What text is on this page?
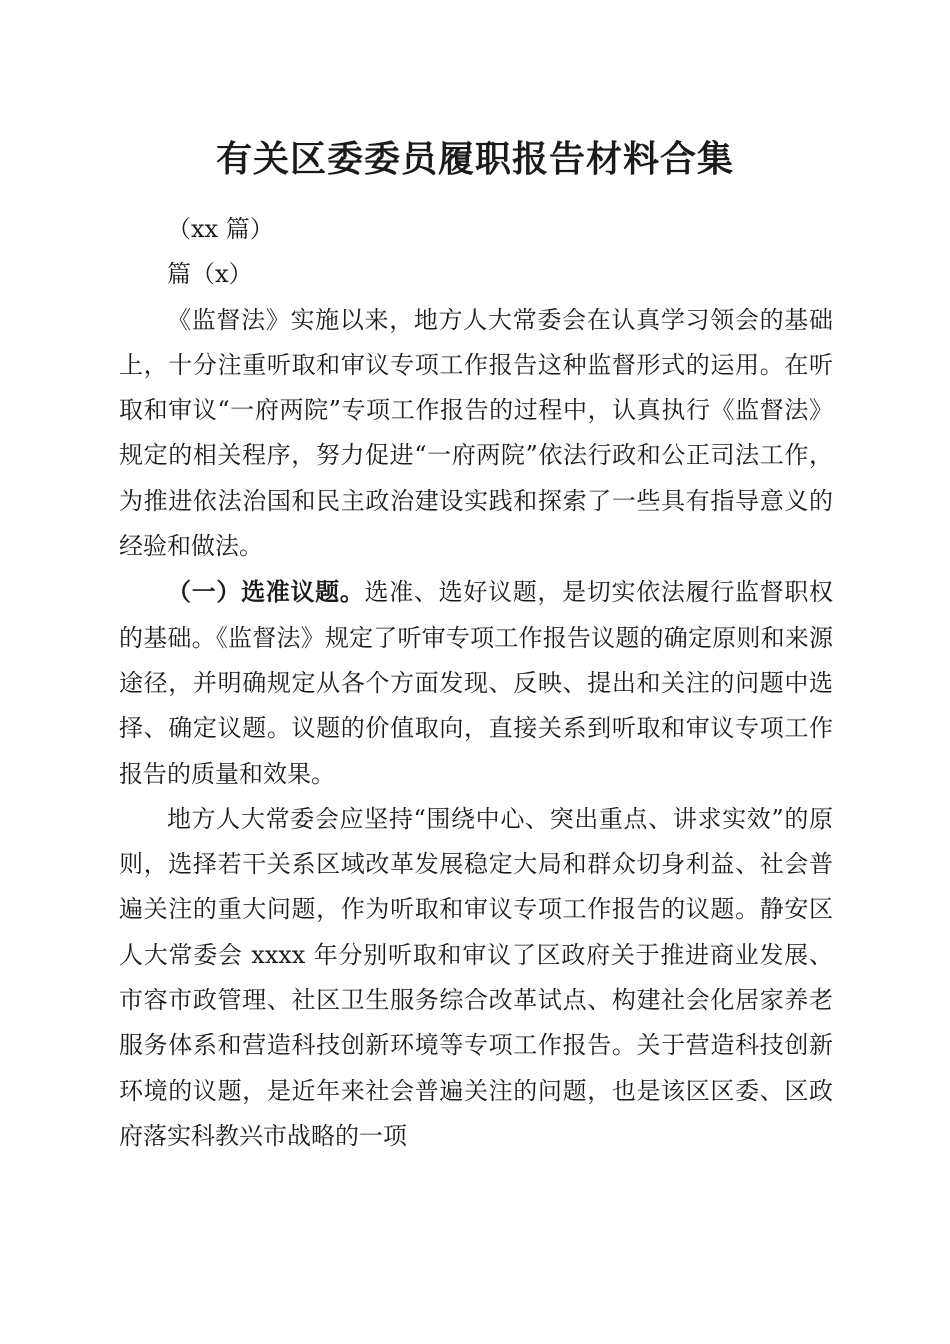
有关区委委员履职报告材料合集

（xx 篇）

篇（x）

《监督法》实施以来，地方人大常委会在认真学习领会的基础上，十分注重听取和审议专项工作报告这种监督形式的运用。在听取和审议“一府两院”专项工作报告的过程中，认真执行《监督法》规定的相关程序，努力促进“一府两院”依法行政和公正司法工作，为推进依法治国和民主政治建设实践和探索了一些具有指导意义的经验和做法。

（一）选准议题。选准、选好议题，是切实依法履行监督职权的基础。《监督法》规定了听审专项工作报告议题的确定原则和来源途径，并明确规定从各个方面发现、反映、提出和关注的问题中选择、确定议题。议题的价值取向，直接关系到听取和审议专项工作报告的质量和效果。

地方人大常委会应坚持“围绕中心、突出重点、讲求实效”的原则，选择若干关系区域改革发展稳定大局和群众切身利益、社会普遍关注的重大问题，作为听取和审议专项工作报告的议题。静安区人大常委会 xxxx 年分别听取和审议了区政府关于推进商业发展、市容市政管理、社区卫生服务综合改革试点、构建社会化居家养老服务体系和营造科技创新环境等专项工作报告。关于营造科技创新环境的议题，是近年来社会普遍关注的问题，也是该区区委、区政府落实科教兴市战略的一项
